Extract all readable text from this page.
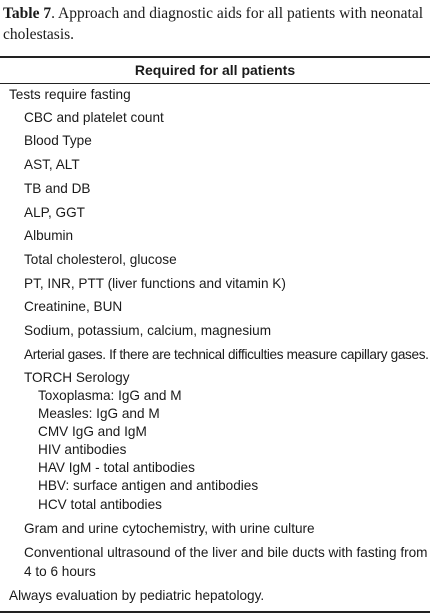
Table 7. Approach and diagnostic aids for all patients with neonatal cholestasis.
Required for all patients
Tests require fasting
CBC and platelet count
Blood Type
AST, ALT
TB and DB
ALP, GGT
Albumin
Total cholesterol, glucose
PT, INR, PTT (liver functions and vitamin K)
Creatinine, BUN
Sodium, potassium, calcium, magnesium
Arterial gases. If there are technical difficulties measure capillary gases.
TORCH Serology
Toxoplasma: IgG and M
Measles: IgG and M
CMV IgG and IgM
HIV antibodies
HAV IgM - total antibodies
HBV: surface antigen and antibodies
HCV total antibodies
Gram and urine cytochemistry, with urine culture
Conventional ultrasound of the liver and bile ducts with fasting from
4 to 6 hours
Always evaluation by pediatric hepatology.
